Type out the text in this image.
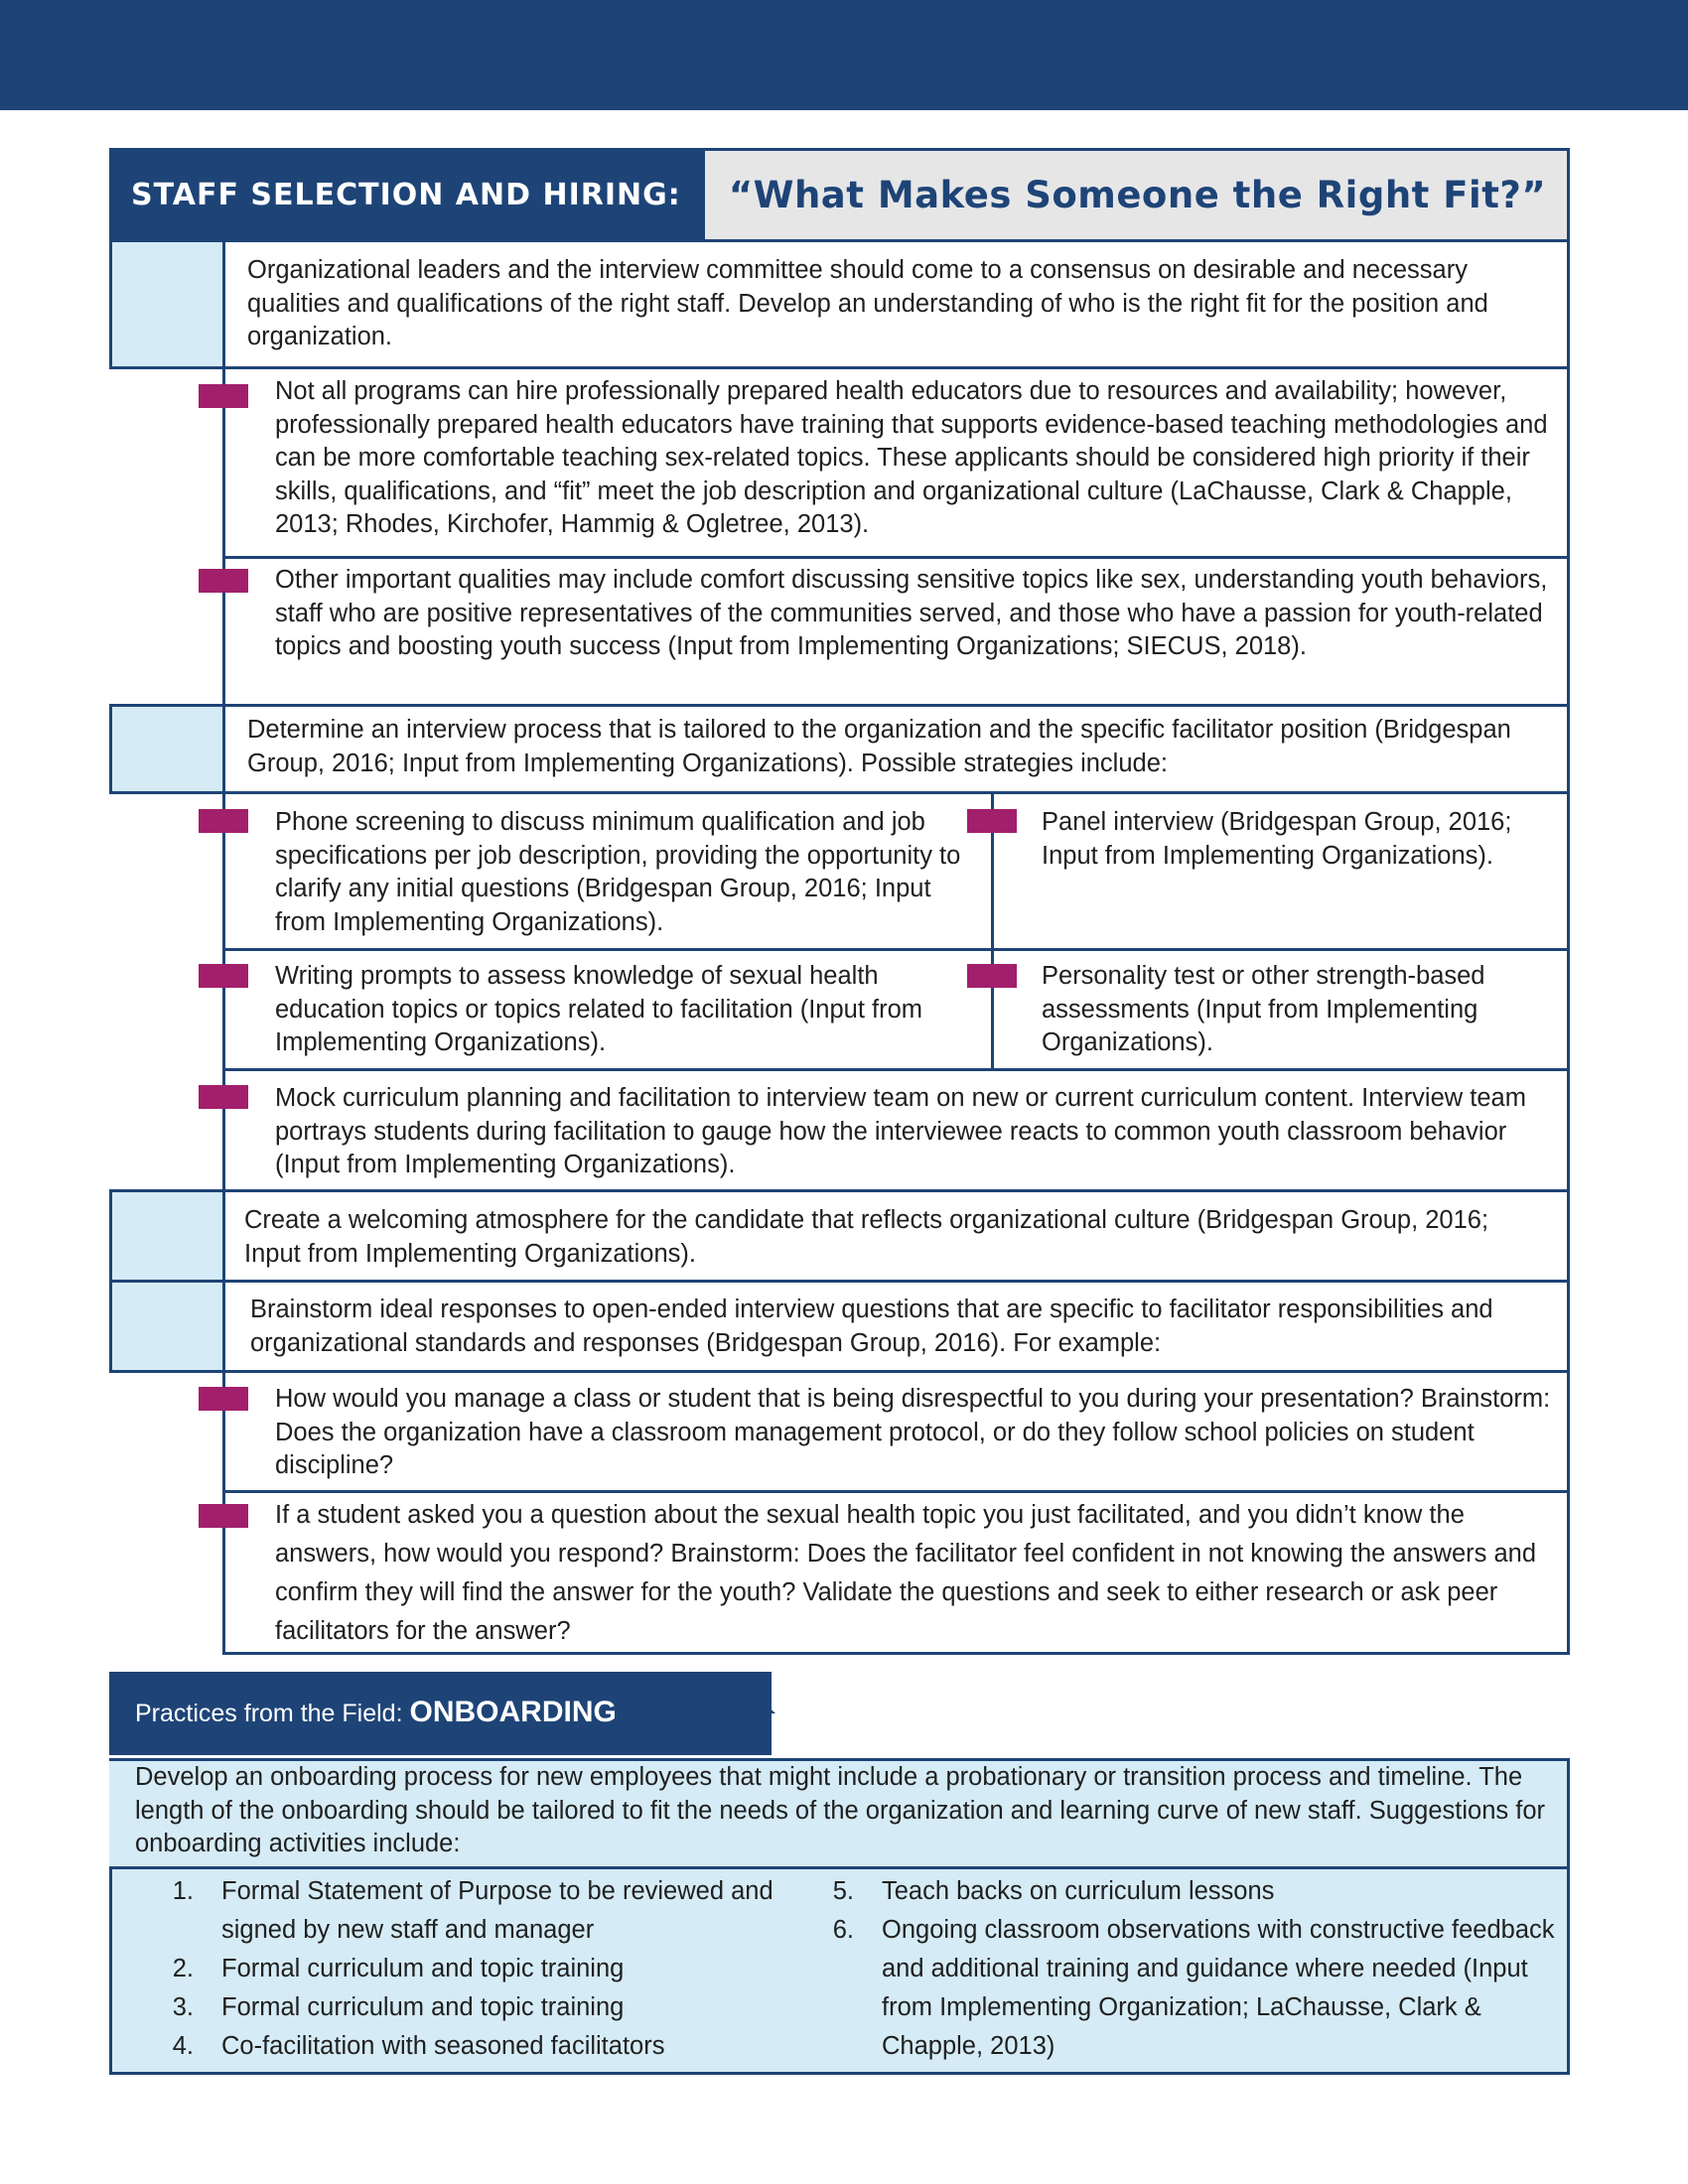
STAFF SELECTION AND HIRING:	“What Makes Someone the Right Fit?”
Organizational leaders and the interview committee should come to a consensus on desirable and necessary qualities and qualifications of the right staff. Develop an understanding of who is the right fit for the position and organization.
Not all programs can hire professionally prepared health educators due to resources and availability; however, professionally prepared health educators have training that supports evidence-based teaching methodologies and can be more comfortable teaching sex-related topics. These applicants should be considered high priority if their skills, qualifications, and “fit” meet the job description and organizational culture (LaChausse, Clark & Chapple, 2013; Rhodes, Kirchofer, Hammig & Ogletree, 2013).
Other important qualities may include comfort discussing sensitive topics like sex, understanding youth behaviors, staff who are positive representatives of the communities served, and those who have a passion for youth-related topics and boosting youth success (Input from Implementing Organizations; SIECUS, 2018).
Determine an interview process that is tailored to the organization and the specific facilitator position (Bridgespan Group, 2016; Input from Implementing Organizations). Possible strategies include:
Phone screening to discuss minimum qualification and job specifications per job description, providing the opportunity to clarify any initial questions (Bridgespan Group, 2016; Input from Implementing Organizations).
Panel interview (Bridgespan Group, 2016; Input from Implementing Organizations).
Writing prompts to assess knowledge of sexual health education topics or topics related to facilitation (Input from Implementing Organizations).
Personality test or other strength-based assessments (Input from Implementing Organizations).
Mock curriculum planning and facilitation to interview team on new or current curriculum content. Interview team portrays students during facilitation to gauge how the interviewee reacts to common youth classroom behavior (Input from Implementing Organizations).
Create a welcoming atmosphere for the candidate that reflects organizational culture (Bridgespan Group, 2016; Input from Implementing Organizations).
Brainstorm ideal responses to open-ended interview questions that are specific to facilitator responsibilities and organizational standards and responses (Bridgespan Group, 2016). For example:
How would you manage a class or student that is being disrespectful to you during your presentation? Brainstorm: Does the organization have a classroom management protocol, or do they follow school policies on student discipline?
If a student asked you a question about the sexual health topic you just facilitated, and you didn’t know the answers, how would you respond? Brainstorm: Does the facilitator feel confident in not knowing the answers and confirm they will find the answer for the youth? Validate the questions and seek to either research or ask peer facilitators for the answer?
Practices from the Field: ONBOARDING
Develop an onboarding process for new employees that might include a probationary or transition process and timeline. The length of the onboarding should be tailored to fit the needs of the organization and learning curve of new staff. Suggestions for onboarding activities include:
1. Formal Statement of Purpose to be reviewed and signed by new staff and manager
2. Formal curriculum and topic training
3. Formal curriculum and topic training
4. Co-facilitation with seasoned facilitators
5. Teach backs on curriculum lessons
6. Ongoing classroom observations with constructive feedback and additional training and guidance where needed (Input from Implementing Organization; LaChausse, Clark & Chapple, 2013)
